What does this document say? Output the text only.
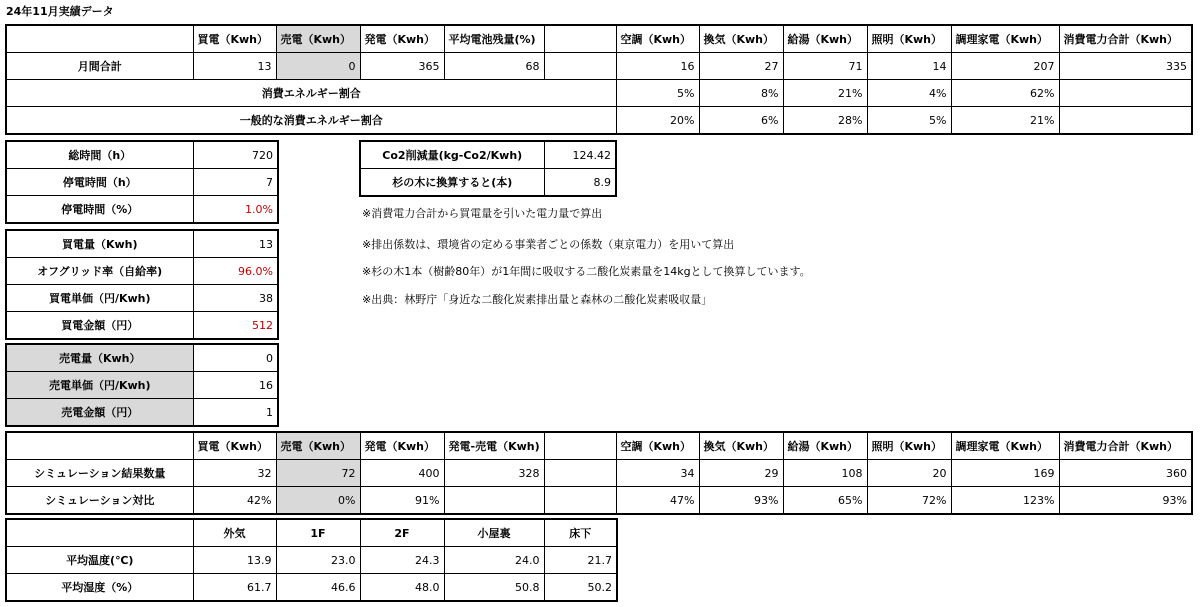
24年11月実績データ
	買電（Kwh）	売電（Kwh）	発電（Kwh）	平均電池残量(%)		空調（Kwh）	換気（Kwh）	給湯（Kwh）	照明（Kwh）	調理家電（Kwh）	消費電力合計（Kwh）
月間合計	13	0	365	68		16	27	71	14	207	335
消費エネルギー割合						5%	8%	21%	4%	62%	
一般的な消費エネルギー割合						20%	6%	28%	5%	21%	
総時間（h）	720
停電時間（h）	7
停電時間（%）	1.0%
Co2削減量(kg-Co2/Kwh)	124.42
杉の木に換算すると(本)	8.9
※消費電力合計から買電量を引いた電力量で算出
※排出係数は、環境省の定める事業者ごとの係数（東京電力）を用いて算出
※杉の木1本（樹齢80年）が1年間に吸収する二酸化炭素量を14kgとして換算しています。
※出典：林野庁「身近な二酸化炭素排出量と森林の二酸化炭素吸収量」
買電量（Kwh)	13
オフグリッド率（自給率)	96.0%
買電単価（円/Kwh)	38
買電金額（円）	512
売電量（Kwh）	0
売電単価（円/Kwh)	16
売電金額（円）	1
	買電（Kwh）	売電（Kwh）	発電（Kwh）	発電-売電（Kwh)		空調（Kwh）	換気（Kwh）	給湯（Kwh）	照明（Kwh）	調理家電（Kwh）	消費電力合計（Kwh）
シミュレーション結果数量	32	72	400	328		34	29	108	20	169	360
シミュレーション対比	42%	0%	91%			47%	93%	65%	72%	123%	93%
	外気	1F	2F	小屋裏	床下
平均温度(℃)	13.9	23.0	24.3	24.0	21.7
平均湿度（%）	61.7	46.6	48.0	50.8	50.2
